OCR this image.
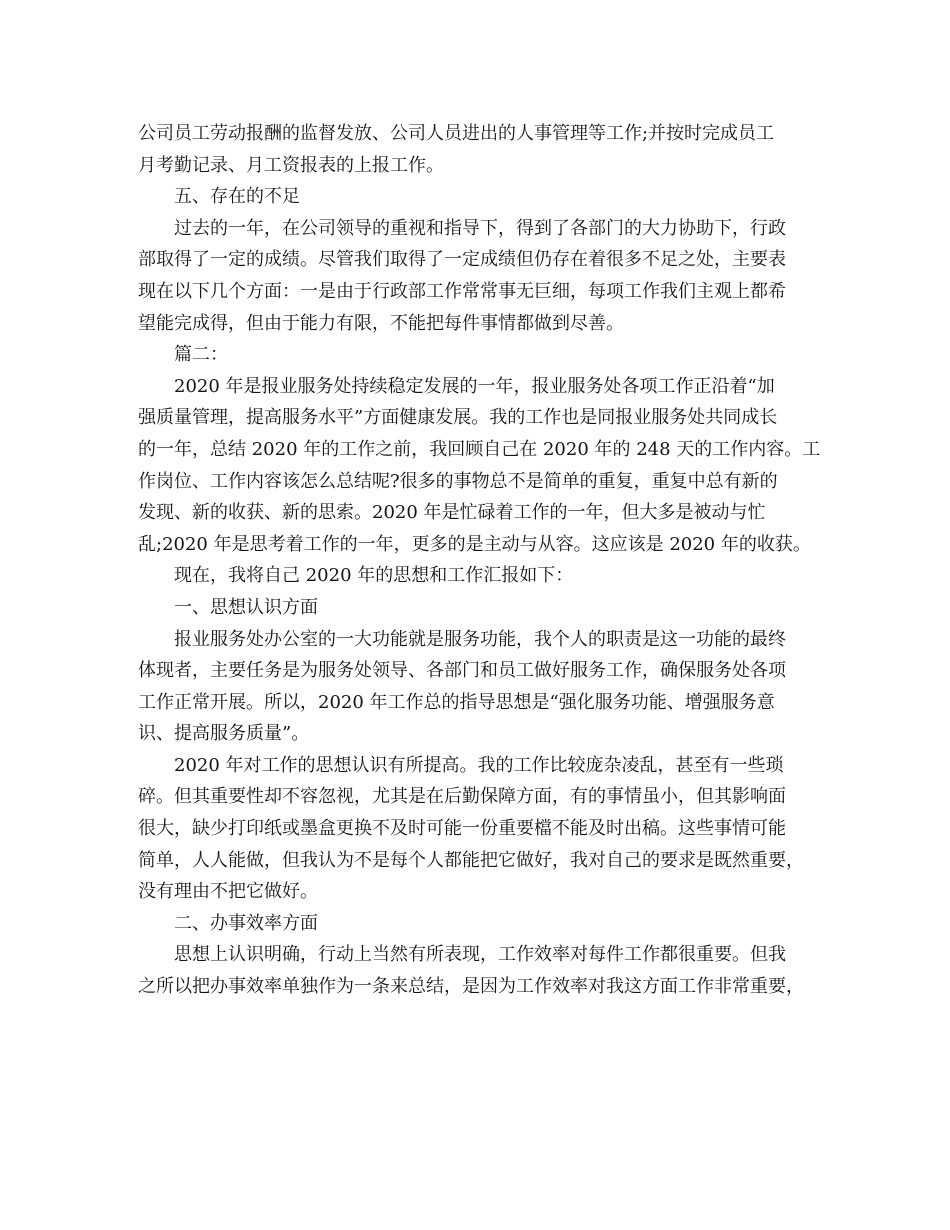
公司员工劳动报酬的监督发放、公司人员进出的人事管理等工作;并按时完成员工
月考勤记录、月工资报表的上报工作。
五、存在的不足
过去的一年，在公司领导的重视和指导下，得到了各部门的大力协助下，行政
部取得了一定的成绩。尽管我们取得了一定成绩但仍存在着很多不足之处，主要表
现在以下几个方面：一是由于行政部工作常常事无巨细，每项工作我们主观上都希
望能完成得，但由于能力有限，不能把每件事情都做到尽善。
篇二：
2020 年是报业服务处持续稳定发展的一年，报业服务处各项工作正沿着“加
强质量管理，提高服务水平”方面健康发展。我的工作也是同报业服务处共同成长
的一年，总结 2020 年的工作之前，我回顾自己在 2020 年的 248 天的工作内容。工
作岗位、工作内容该怎么总结呢?很多的事物总不是简单的重复，重复中总有新的
发现、新的收获、新的思索。2020 年是忙碌着工作的一年，但大多是被动与忙
乱;2020 年是思考着工作的一年，更多的是主动与从容。这应该是 2020 年的收获。
现在，我将自己 2020 年的思想和工作汇报如下：
一、思想认识方面
报业服务处办公室的一大功能就是服务功能，我个人的职责是这一功能的最终
体现者，主要任务是为服务处领导、各部门和员工做好服务工作，确保服务处各项
工作正常开展。所以，2020 年工作总的指导思想是“强化服务功能、增强服务意
识、提高服务质量”。
2020 年对工作的思想认识有所提高。我的工作比较庞杂凌乱，甚至有一些琐
碎。但其重要性却不容忽视，尤其是在后勤保障方面，有的事情虽小，但其影响面
很大，缺少打印纸或墨盒更换不及时可能一份重要檔不能及时出稿。这些事情可能
简单，人人能做，但我认为不是每个人都能把它做好，我对自己的要求是既然重要，
没有理由不把它做好。
二、办事效率方面
思想上认识明确，行动上当然有所表现，工作效率对每件工作都很重要。但我
之所以把办事效率单独作为一条来总结，是因为工作效率对我这方面工作非常重要，
